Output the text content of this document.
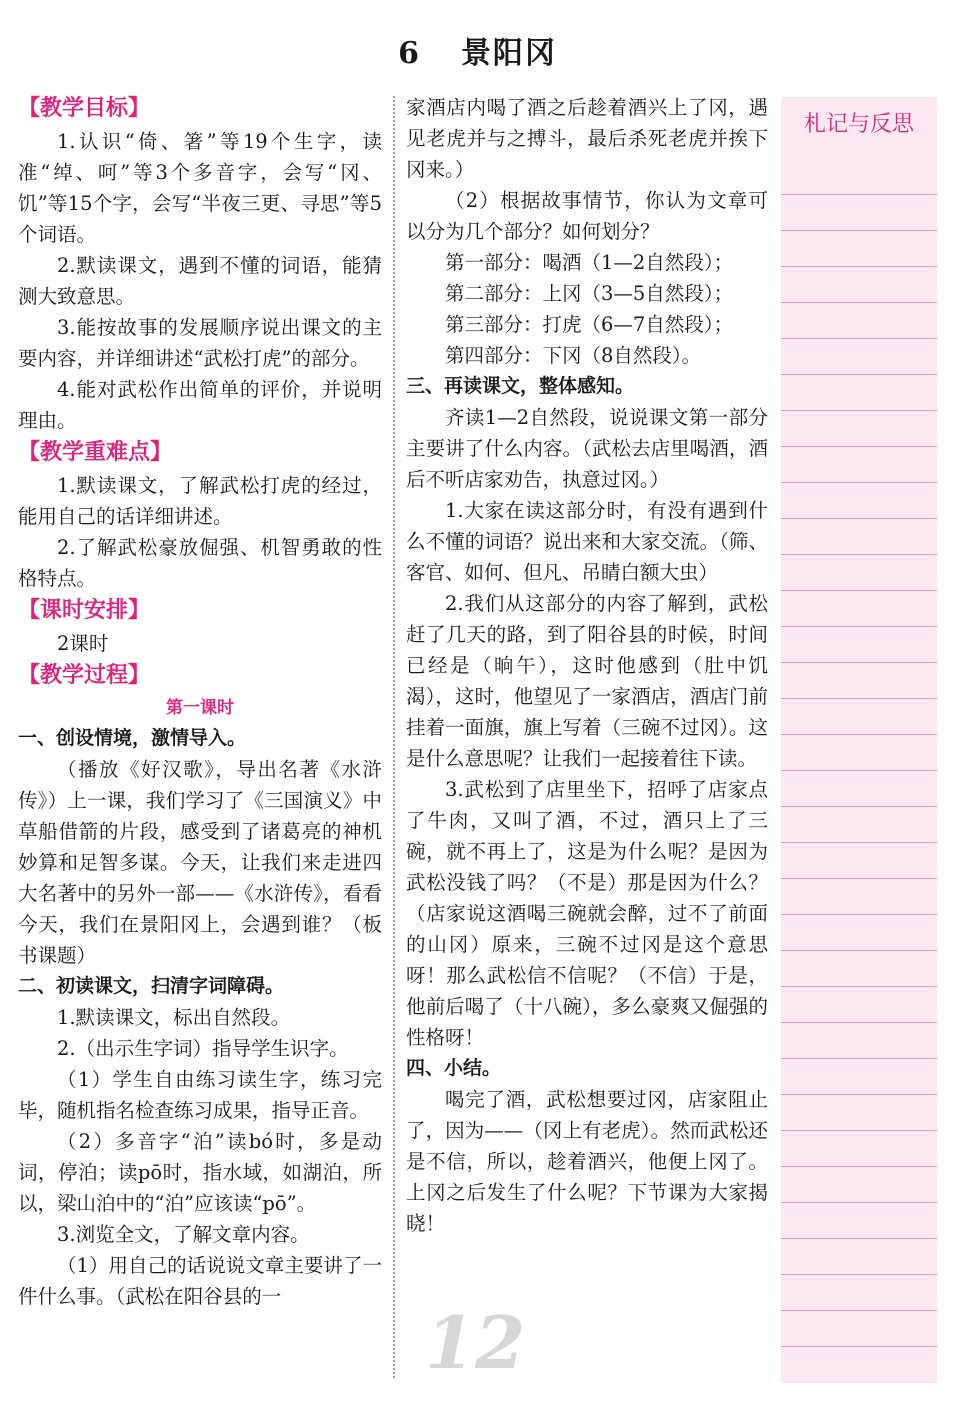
6 景阳冈

【教学目标】

1.认识“倚、箸”等19个生字，读准“绰、呵”等3个多音字，会写“冈、饥”等15个字，会写“半夜三更、寻思”等5个词语。

2.默读课文，遇到不懂的词语，能猜测大致意思。

3.能按故事的发展顺序说出课文的主要内容，并详细讲述“武松打虎”的部分。

4.能对武松作出简单的评价，并说明理由。

【教学重难点】

1.默读课文，了解武松打虎的经过，能用自己的话详细讲述。

2.了解武松豪放倔强、机智勇敢的性格特点。

【课时安排】

2课时

【教学过程】

第一课时

一、创设情境，激情导入。

（播放《好汉歌》，导出名著《水浒传》）上一课，我们学习了《三国演义》中草船借箭的片段，感受到了诸葛亮的神机妙算和足智多谋。今天，让我们来走进四大名著中的另外一部——《水浒传》，看看今天，我们在景阳冈上，会遇到谁？（板书课题）

二、初读课文，扫清字词障碍。

1.默读课文，标出自然段。

2.（出示生字词）指导学生识字。

（1）学生自由练习读生字，练习完毕，随机指名检查练习成果，指导正音。

（2）多音字“泊”读bó时，多是动词，停泊；读pō时，指水域，如湖泊，所以，梁山泊中的“泊”应该读“pō”。

3.浏览全文，了解文章内容。

（1）用自己的话说说文章主要讲了一件什么事。（武松在阳谷县的一

家酒店内喝了酒之后趁着酒兴上了冈，遇见老虎并与之搏斗，最后杀死老虎并挨下冈来。）

（2）根据故事情节，你认为文章可以分为几个部分？如何划分？

第一部分：喝酒（1—2自然段）；

第二部分：上冈（3—5自然段）；

第三部分：打虎（6—7自然段）；

第四部分：下冈（8自然段）。

三、再读课文，整体感知。

齐读1—2自然段，说说课文第一部分主要讲了什么内容。（武松去店里喝酒，酒后不听店家劝告，执意过冈。）

1.大家在读这部分时，有没有遇到什么不懂的词语？说出来和大家交流。（筛、客官、如何、但凡、吊睛白额大虫）

2.我们从这部分的内容了解到，武松赶了几天的路，到了阳谷县的时候，时间已经是（晌午），这时他感到（肚中饥渴），这时，他望见了一家酒店，酒店门前挂着一面旗，旗上写着（三碗不过冈）。这是什么意思呢？让我们一起接着往下读。

3.武松到了店里坐下，招呼了店家点了牛肉，又叫了酒，不过，酒只上了三碗，就不再上了，这是为什么呢？是因为武松没钱了吗？（不是）那是因为什么？（店家说这酒喝三碗就会醉，过不了前面的山冈）原来，三碗不过冈是这个意思呀！那么武松信不信呢？（不信）于是，他前后喝了（十八碗），多么豪爽又倔强的性格呀！

四、小结。

喝完了酒，武松想要过冈，店家阻止了，因为——（冈上有老虎）。然而武松还是不信，所以，趁着酒兴，他便上冈了。上冈之后发生了什么呢？下节课为大家揭晓！

札记与反思
12
